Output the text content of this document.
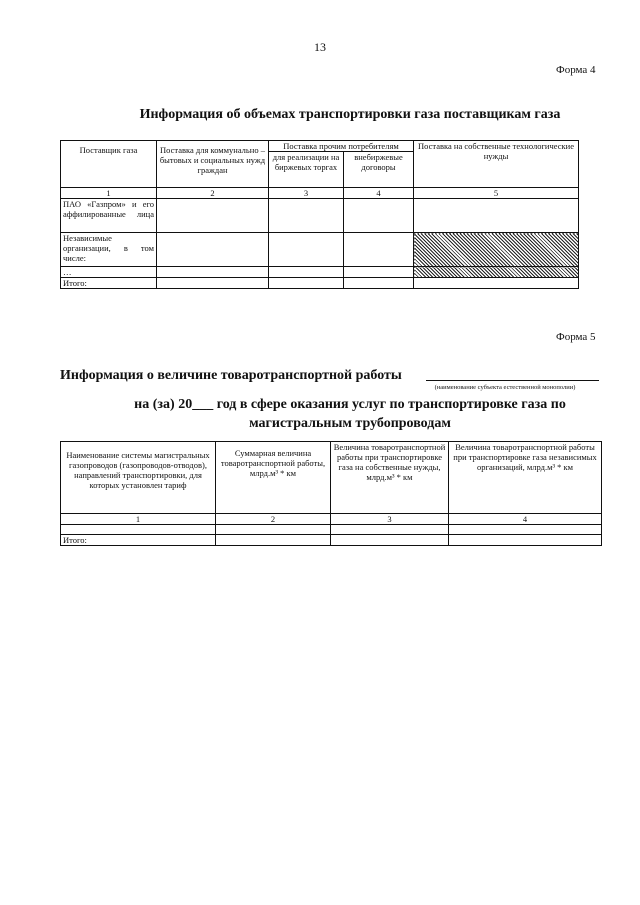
13
Форма 4
Информация об объемах транспортировки газа поставщикам газа
Поставщик газа	Поставка для коммунально – бытовых и социальных нужд граждан	Поставка прочим потребителям		Поставка на собственные технологические нужды
		для реализации на биржевых торгах	внебиржевые договоры	
1	2	3	4	5
ПАО «Газпром» и его аффилированные лица				
Независимые организации, в том числе:				
…				
Итого:				
Форма 5
Информация о величине товаротранспортной работы
(наименование субъекта естественной монополии)
на (за) 20___ год в сфере оказания услуг по транспортировке газа по
магистральным трубопроводам
Наименование системы магистральных газопроводов (газопроводов-отводов), направлений транспортировки, для которых установлен тариф	Суммарная величина товаротранспортной работы, млрд.м³ * км	Величина товаротранспортной работы при транспортировке газа на собственные нужды, млрд.м³ * км	Величина товаротранспортной работы при транспортировке газа независимых организаций, млрд.м³ * км
1	2	3	4

Итого:			
